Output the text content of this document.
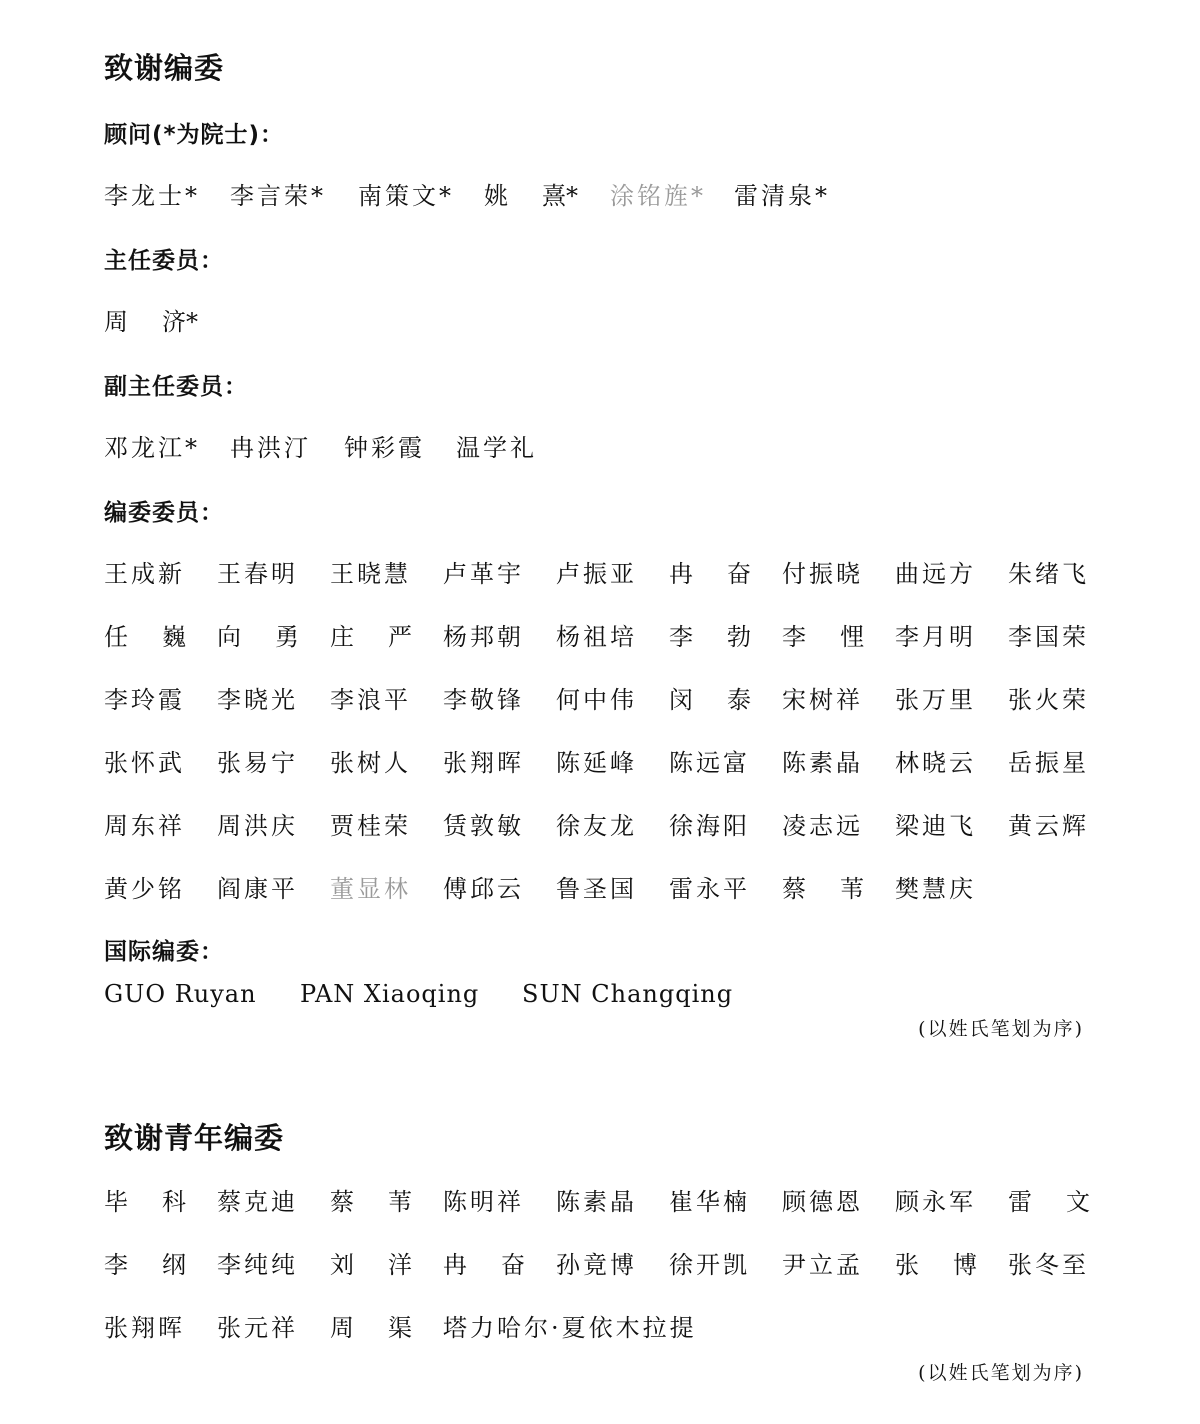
致谢编委
顾问(*为院士)：
李龙士* 李言荣* 南策文* 姚 熹* 涂铭旌* 雷清泉*
主任委员：
周 济*
副主任委员：
邓龙江* 冉洪汀 钟彩霞 温学礼
编委委员：
王成新 王春明 王晓慧 卢革宇 卢振亚 冉 奋 付振晓 曲远方 朱绪飞
任 巍 向 勇 庄 严 杨邦朝 杨祖培 李 勃 李 悝 李月明 李国荣
李玲霞 李晓光 李浪平 李敬锋 何中伟 闵 泰 宋树祥 张万里 张火荣
张怀武 张易宁 张树人 张翔晖 陈延峰 陈远富 陈素晶 林晓云 岳振星
周东祥 周洪庆 贾桂荣 赁敦敏 徐友龙 徐海阳 凌志远 梁迪飞 黄云辉
黄少铭 阎康平 董显林 傅邱云 鲁圣国 雷永平 蔡 苇 樊慧庆
国际编委：
GUO Ruyan PAN Xiaoqing SUN Changqing

(以姓氏笔划为序)

致谢青年编委
毕 科 蔡克迪 蔡 苇 陈明祥 陈素晶 崔华楠 顾德恩 顾永军 雷 文
李 纲 李纯纯 刘 洋 冉 奋 孙竟博 徐开凯 尹立孟 张 博 张冬至
张翔晖 张元祥 周 渠 塔力哈尔·夏依木拉提

(以姓氏笔划为序)
